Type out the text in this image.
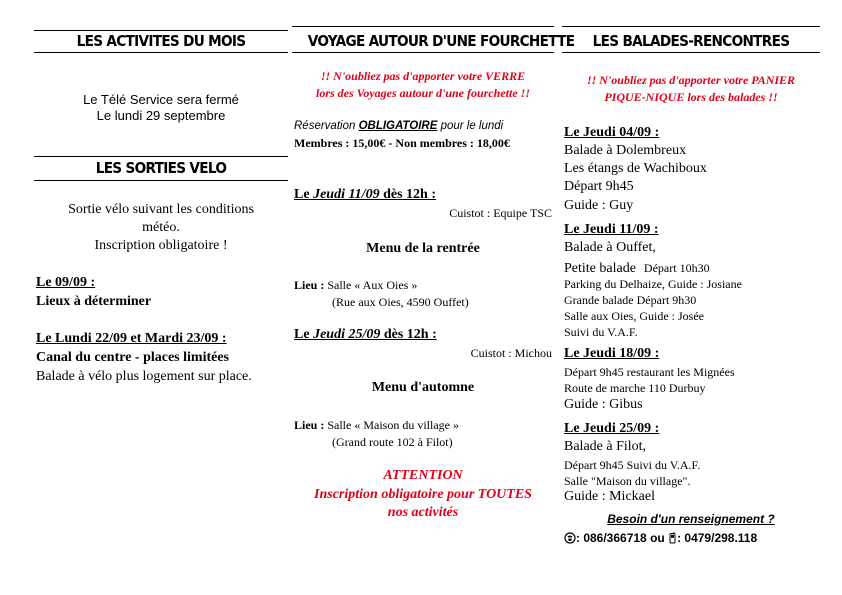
LES ACTIVITES DU MOIS
Le Télé Service sera fermé
Le lundi 29 septembre
LES SORTIES VELO
Sortie vélo suivant les conditions
météo.
Inscription obligatoire !
Le 09/09 :
Lieux à déterminer
Le Lundi 22/09 et Mardi 23/09 :
Canal du centre - places limitées
Balade à vélo plus logement sur place.
VOYAGE AUTOUR D'UNE FOURCHETTE
!! N'oubliez pas d'apporter votre VERRE
lors des Voyages autour d'une fourchette !!
Réservation OBLIGATOIRE pour le lundi
Membres : 15,00€ - Non membres : 18,00€
Le Jeudi 11/09 dès 12h :
Cuistot : Equipe TSC
Menu de la rentrée
Lieu : Salle « Aux Oies »
(Rue aux Oies, 4590 Ouffet)
Le Jeudi 25/09 dès 12h :
Cuistot : Michou
Menu d'automne
Lieu : Salle « Maison du village »
(Grand route 102 à Filot)
ATTENTION
Inscription obligatoire pour TOUTES
nos activités
LES BALADES-RENCONTRES
!! N'oubliez pas d'apporter votre PANIER
PIQUE-NIQUE lors des balades !!
Le Jeudi 04/09 :
Balade à Dolembreux
Les étangs de Wachiboux
Départ 9h45
Guide : Guy
Le Jeudi 11/09 :
Balade à Ouffet,
Petite balade Départ 10h30
Parking du Delhaize, Guide : Josiane
Grande balade Départ 9h30
Salle aux Oies, Guide : Josée
Suivi du V.A.F.
Le Jeudi 18/09 :
Départ 9h45 restaurant les Mignées
Route de marche 110 Durbuy
Guide : Gibus
Le Jeudi 25/09 :
Balade à Filot,
Départ 9h45 Suivi du V.A.F.
Salle "Maison du village".
Guide : Mickael
Besoin d'un renseignement ?
: 086/366718 ou : 0479/298.118
